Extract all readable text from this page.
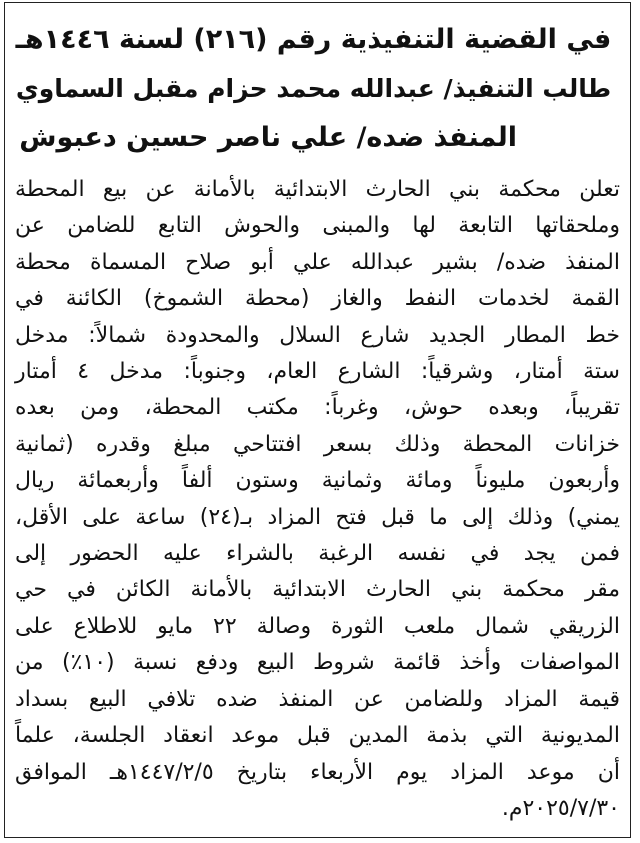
في القضية التنفيذية رقم (٢١٦) لسنة ١٤٤٦هـ
طالب التنفيذ/ عبدالله محمد حزام مقبل السماوي
المنفذ ضده/ علي ناصر حسين دعبوش
تعلن محكمة بني الحارث الابتدائية بالأمانة عن بيع المحطة
وملحقاتها التابعة لها والمبنى والحوش التابع للضامن عن
المنفذ ضده/ بشير عبدالله علي أبو صلاح المسماة محطة
القمة لخدمات النفط والغاز (محطة الشموخ) الكائنة في
خط المطار الجديد شارع السلال والمحدودة شمالاً: مدخل
ستة أمتار، وشرقياً: الشارع العام، وجنوباً: مدخل ٤ أمتار
تقريباً، وبعده حوش، وغرباً: مكتب المحطة، ومن بعده
خزانات المحطة وذلك بسعر افتتاحي مبلغ وقدره (ثمانية
وأربعون مليوناً ومائة وثمانية وستون ألفاً وأربعمائة ريال
يمني) وذلك إلى ما قبل فتح المزاد بـ(٢٤) ساعة على الأقل،
فمن يجد في نفسه الرغبة بالشراء عليه الحضور إلى
مقر محكمة بني الحارث الابتدائية بالأمانة الكائن في حي
الزريقي شمال ملعب الثورة وصالة ٢٢ مايو للاطلاع على
المواصفات وأخذ قائمة شروط البيع ودفع نسبة (١٠٪) من
قيمة المزاد وللضامن عن المنفذ ضده تلافي البيع بسداد
المديونية التي بذمة المدين قبل موعد انعقاد الجلسة، علماً
أن موعد المزاد يوم الأربعاء بتاريخ ١٤٤٧/٢/٥هـ الموافق
٢٠٢٥/٧/٣٠م.
